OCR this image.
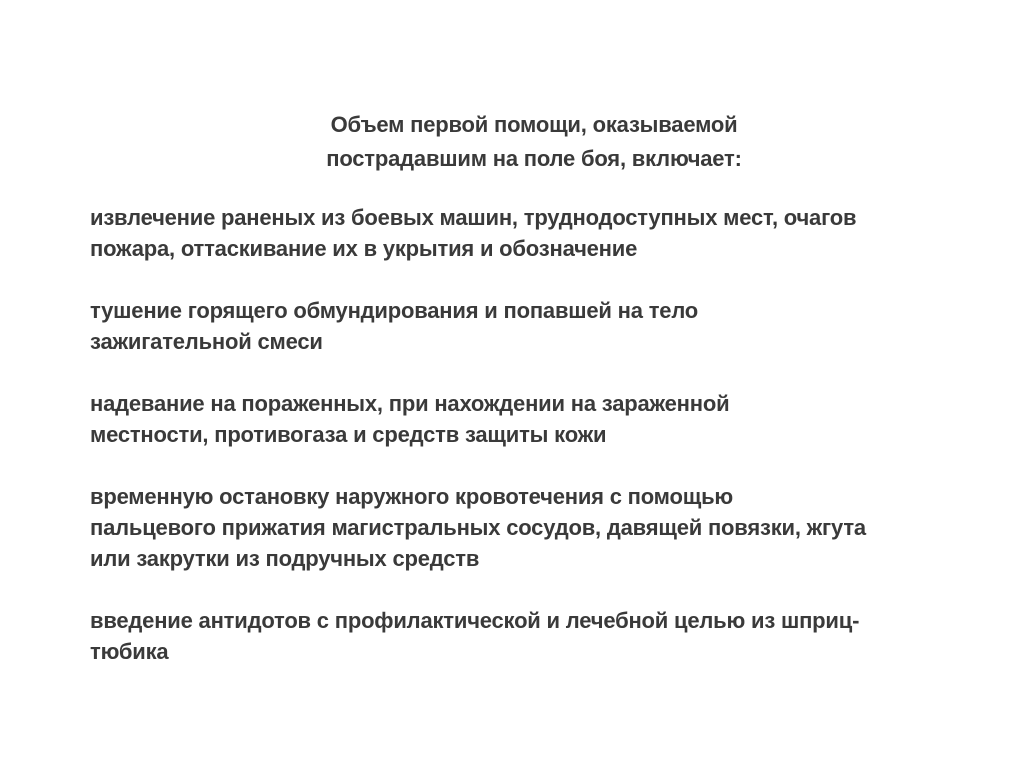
Объем первой помощи, оказываемой
пострадавшим на поле боя, включает:

извлечение раненых из боевых машин, труднодоступных мест, очагов
пожара, оттаскивание их в укрытия и обозначение

тушение горящего обмундирования и попавшей на тело
зажигательной смеси

надевание на пораженных, при нахождении на зараженной
местности, противогаза и средств защиты кожи

временную остановку наружного кровотечения с помощью
пальцевого прижатия магистральных сосудов, давящей повязки, жгута
или закрутки из подручных средств

введение антидотов с профилактической и лечебной целью из шприц-
тюбика
